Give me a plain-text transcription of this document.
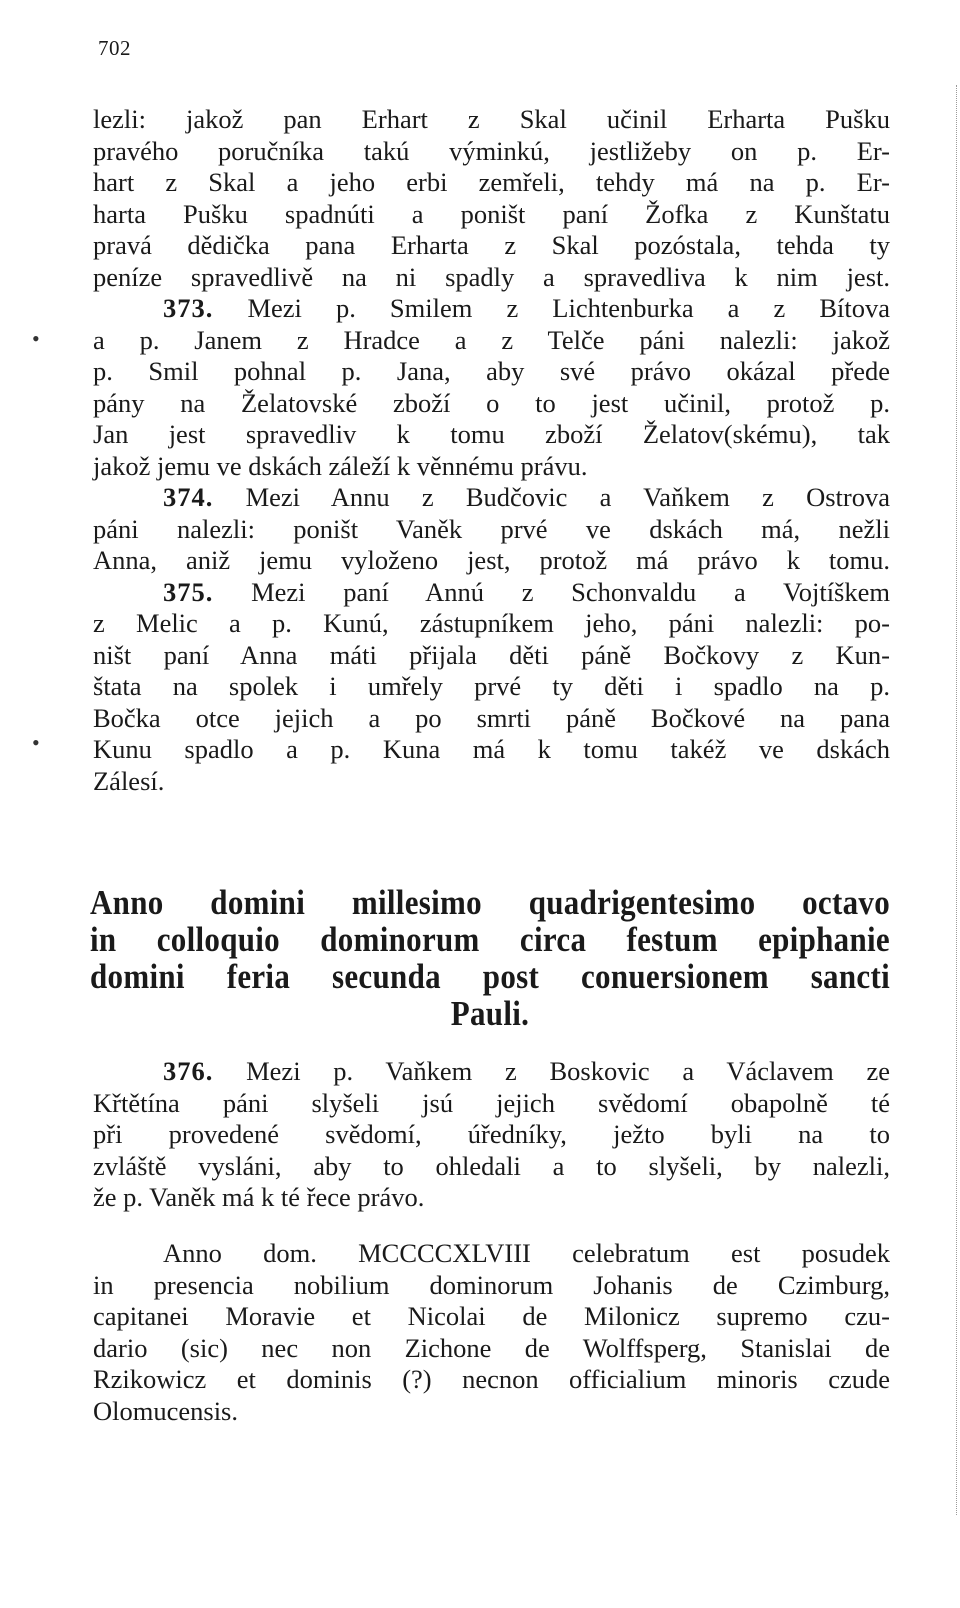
702
•
•
lezli: jakož pan Erhart z Skal učinil Erharta Pušku
pravého poručníka takú výminkú, jestližeby on p. Er-
hart z Skal a jeho erbi zemřeli, tehdy má na p. Er-
harta Pušku spadnúti a poništ paní Žofka z Kunštatu
pravá dědička pana Erharta z Skal pozóstala, tehda ty
peníze spravedlivě na ni spadly a spravedliva k nim jest.
373. Mezi p. Smilem z Lichtenburka a z Bítova
a p. Janem z Hradce a z Telče páni nalezli: jakož
p. Smil pohnal p. Jana, aby své právo okázal přede
pány na Želatovské zboží o to jest učinil, protož p.
Jan jest spravedliv k tomu zboží Želatov(skému), tak
jakož jemu ve dskách záleží k věnnému právu.
374. Mezi Annu z Budčovic a Vaňkem z Ostrova
páni nalezli: poništ Vaněk prvé ve dskách má, nežli
Anna, aniž jemu vyloženo jest, protož má právo k tomu.
375. Mezi paní Annú z Schonvaldu a Vojtíškem
z Melic a p. Kunú, zástupníkem jeho, páni nalezli: po-
ništ paní Anna máti přijala děti páně Bočkovy z Kun-
štata na spolek i umřely prvé ty děti i spadlo na p.
Bočka otce jejich a po smrti páně Bočkové na pana
Kunu spadlo a p. Kuna má k tomu takéž ve dskách
Zálesí.
Anno domini millesimo quadrigentesimo octavo
in colloquio dominorum circa festum epiphanie
domini feria secunda post conuersionem sancti
Pauli.
376. Mezi p. Vaňkem z Boskovic a Václavem ze
Křtětína páni slyšeli jsú jejich svědomí obapolně té
při provedené svědomí, úředníky, ježto byli na to
zvláště vysláni, aby to ohledali a to slyšeli, by nalezli,
že p. Vaněk má k té řece právo.
Anno dom. MCCCCXLVIII celebratum est posudek
in presencia nobilium dominorum Johanis de Czimburg,
capitanei Moravie et Nicolai de Milonicz supremo czu-
dario (sic) nec non Zichone de Wolffsperg, Stanislai de
Rzikowicz et dominis (?) necnon officialium minoris czude
Olomucensis.
